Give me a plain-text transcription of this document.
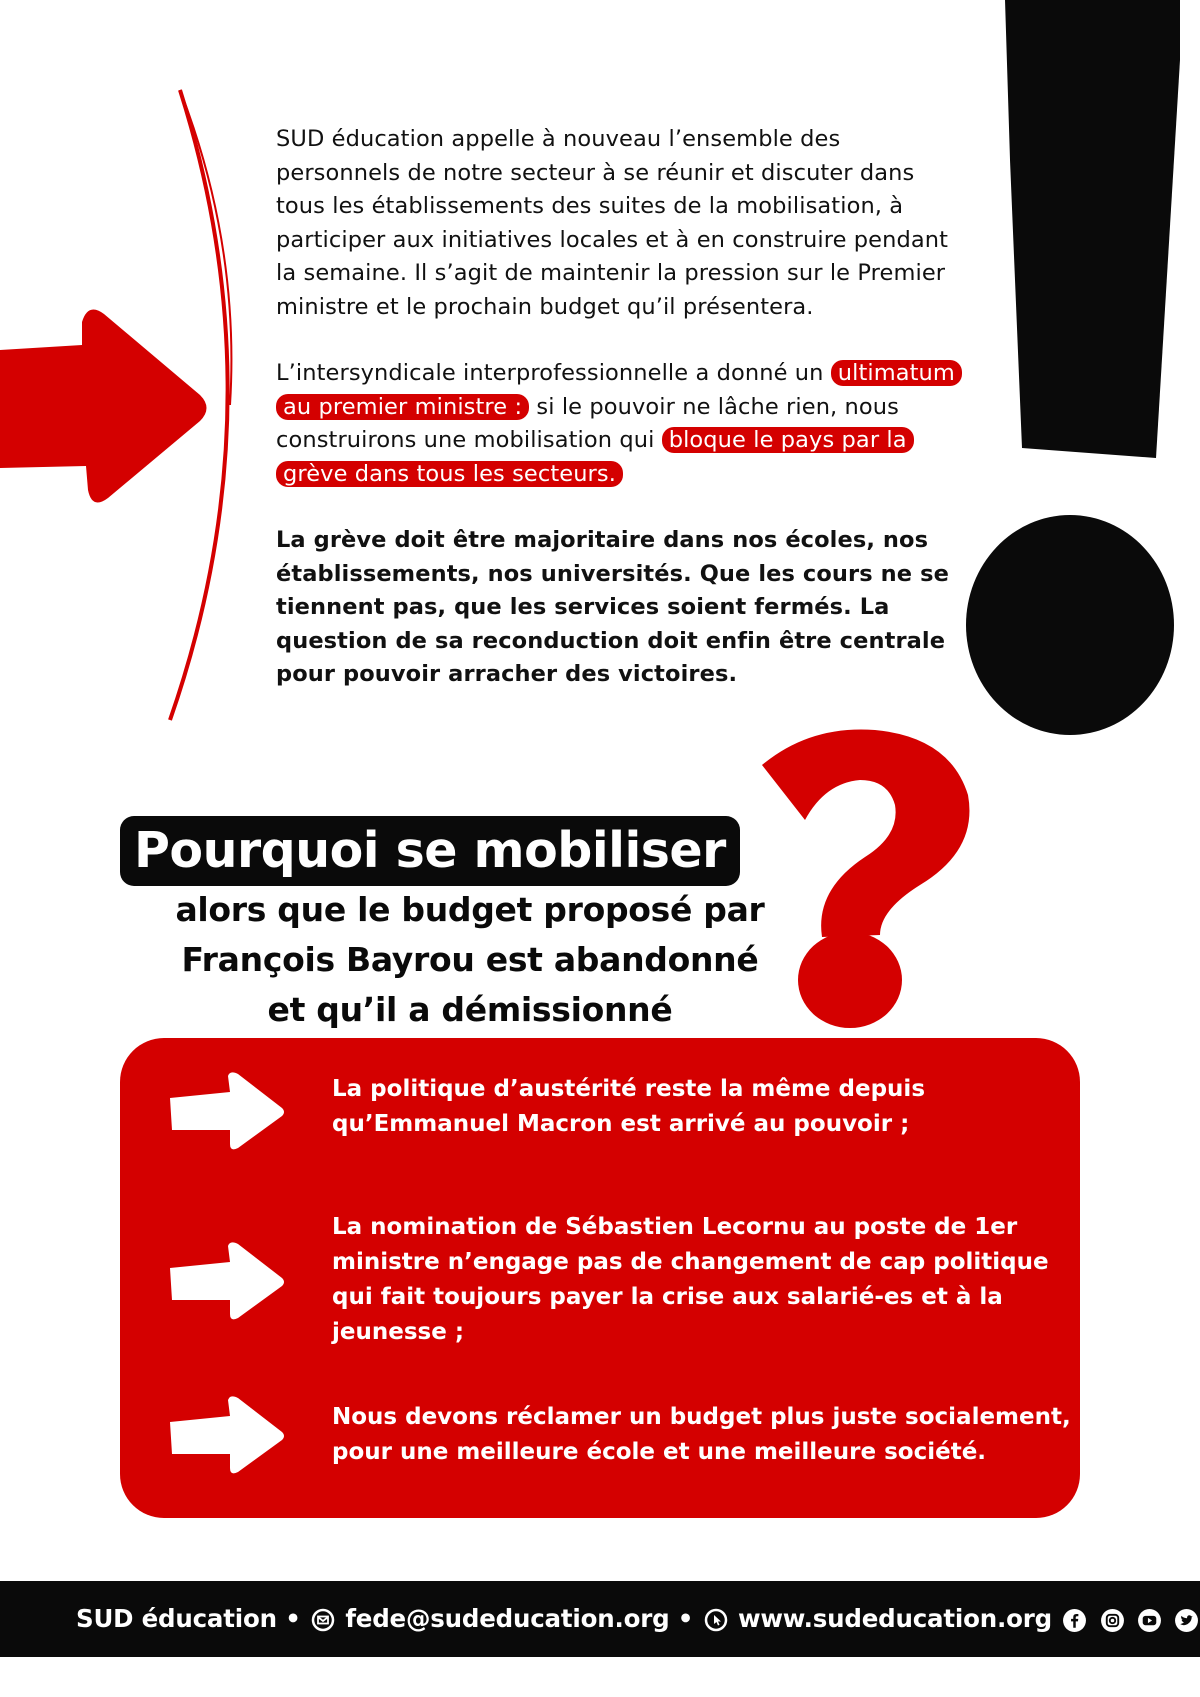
SUD éducation appelle à nouveau l’ensemble des personnels de notre secteur à se réunir et discuter dans tous les établissements des suites de la mobilisation, à participer aux initiatives locales et à en construire pendant la semaine. Il s’agit de maintenir la pression sur le Premier ministre et le prochain budget qu’il présentera.

L’intersyndicale interprofessionnelle a donné un ultimatum au premier ministre : si le pouvoir ne lâche rien, nous construirons une mobilisation qui bloque le pays par la grève dans tous les secteurs.

La grève doit être majoritaire dans nos écoles, nos établissements, nos universités. Que les cours ne se tiennent pas, que les services soient fermés. La question de sa reconduction doit enfin être centrale pour pouvoir arracher des victoires.

Pourquoi se mobiliser
alors que le budget proposé par
François Bayrou est abandonné
et qu’il a démissionné
La politique d’austérité reste la même depuis qu’Emmanuel Macron est arrivé au pouvoir ;
La nomination de Sébastien Lecornu au poste de 1er ministre n’engage pas de changement de cap politique qui fait toujours payer la crise aux salarié-es et à la jeunesse ;
Nous devons réclamer un budget plus juste socialement, pour une meilleure école et une meilleure société.
SUD éducation • fede@sudeducation.org • www.sudeducation.org
